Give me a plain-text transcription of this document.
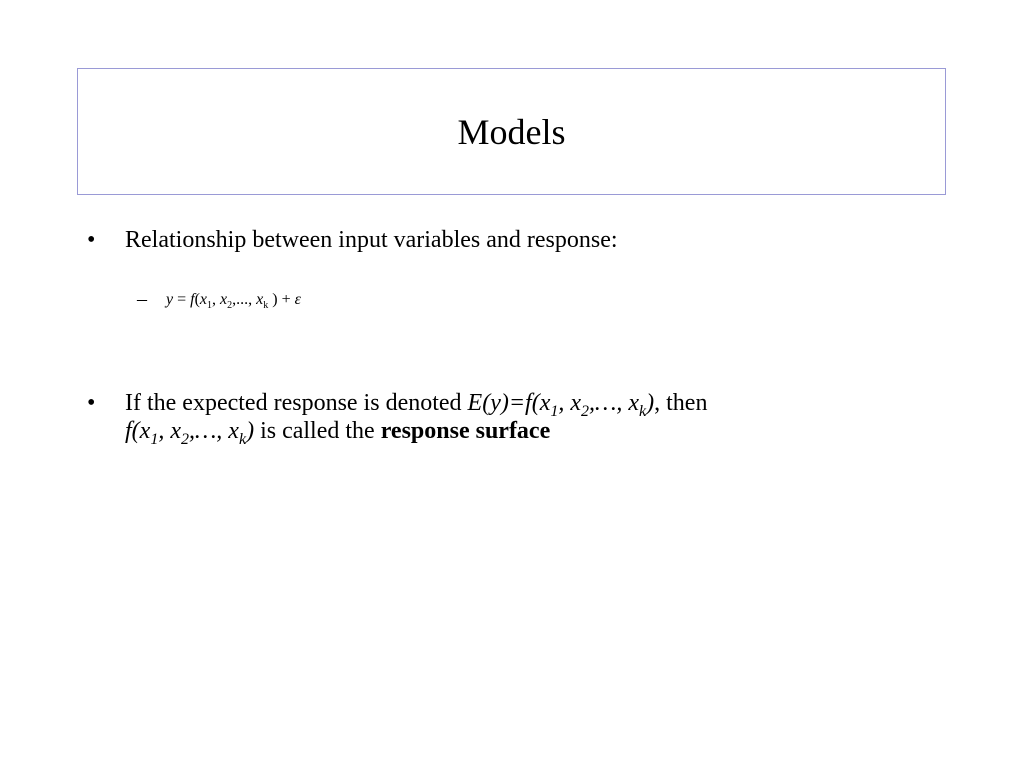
Models
• Relationship between input variables and response:
– $y = f(x_1$, $x_2$,..., $x_k$ ) + ε
• If the expected response is denoted $E(y)=f(x_1$, $x_2,\dots$, $x_k$), then
$f(x_1$, $x_2,\dots$, $x_k$) is called the response surface
